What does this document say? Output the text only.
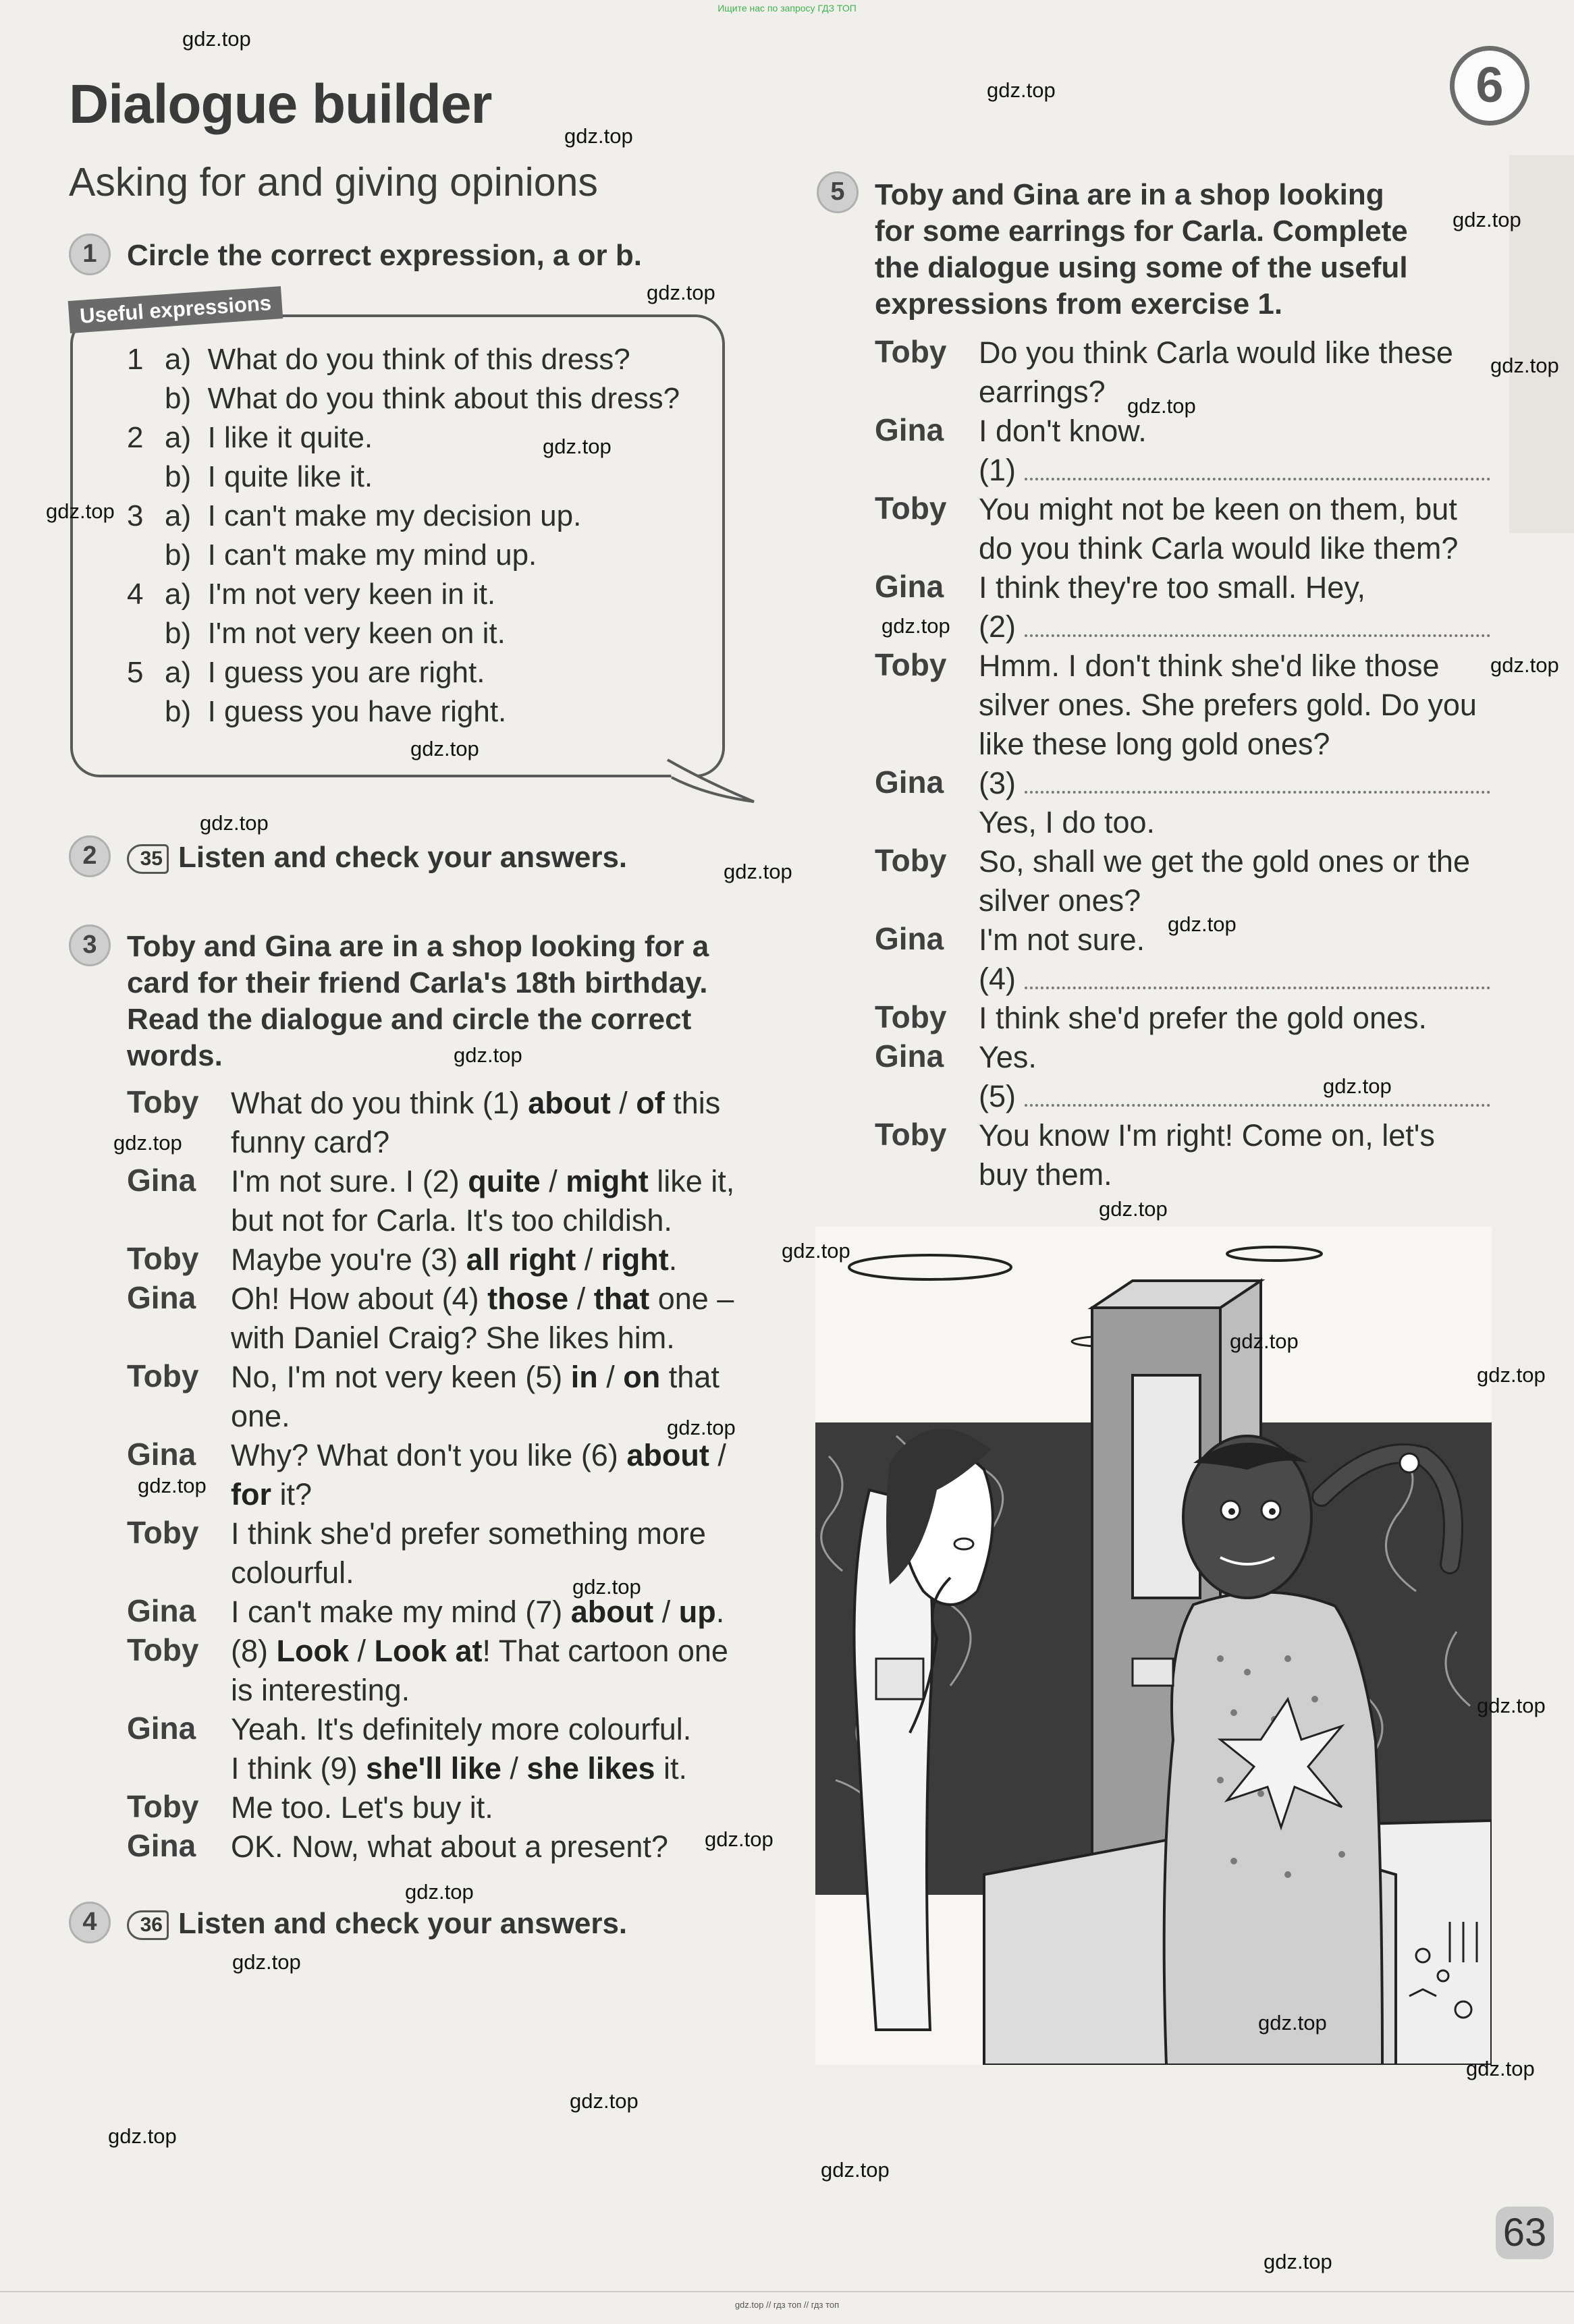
Ищите нас по запросу ГДЗ ТОП
Dialogue builder
Asking for and giving opinions
6
1	Circle the correct expression, a or b.
Useful expressions
1 a)  What do you think of this dress?
b)  What do you think about this dress?
2 a)  I like it quite.
b)  I quite like it.
3 a)  I can't make my decision up.
b)  I can't make my mind up.
4 a)  I'm not very keen in it.
b)  I'm not very keen on it.
5 a)  I guess you are right.
b)  I guess you have right.
2	35 Listen and check your answers.
3	Toby and Gina are in a shop looking for a
card for their friend Carla's 18th birthday.
Read the dialogue and circle the correct
words.
Toby What do you think (1) about / of this
funny card?
Gina I'm not sure. I (2) quite / might like it,
but not for Carla. It's too childish.
Toby Maybe you're (3) all right / right.
Gina Oh! How about (4) those / that one –
with Daniel Craig? She likes him.
Toby No, I'm not very keen (5) in / on that
one.
Gina Why? What don't you like (6) about /
for it?
Toby I think she'd prefer something more
colourful.
Gina I can't make my mind (7) about / up.
Toby (8) Look / Look at! That cartoon one
is interesting.
Gina Yeah. It's definitely more colourful.
I think (9) she'll like / she likes it.
Toby Me too. Let's buy it.
Gina OK. Now, what about a present?
4	36 Listen and check your answers.
5	Toby and Gina are in a shop looking
for some earrings for Carla. Complete
the dialogue using some of the useful
expressions from exercise 1.
Toby Do you think Carla would like these
earrings?
Gina I don't know.
(1)
Toby You might not be keen on them, but
do you think Carla would like them?
Gina I think they're too small. Hey,
(2)
Toby Hmm. I don't think she'd like those
silver ones. She prefers gold. Do you
like these long gold ones?
Gina (3)
Yes, I do too.
Toby So, shall we get the gold ones or the
silver ones?
Gina I'm not sure.
(4)
Toby I think she'd prefer the gold ones.
Gina Yes.
(5)
Toby You know I'm right! Come on, let's
buy them.
gdz.top
gdz.top
gdz.top
gdz.top
gdz.top
gdz.top
gdz.top
gdz.top
gdz.top
gdz.top
gdz.top
gdz.top
gdz.top
gdz.top
gdz.top
gdz.top
gdz.top
gdz.top
gdz.top
gdz.top
gdz.top
gdz.top
gdz.top
gdz.top
gdz.top
gdz.top
gdz.top
gdz.top
gdz.top
gdz.top
gdz.top
gdz.top
gdz.top
gdz.top
gdz.top
63
gdz.top // гдз топ // гдз топ
